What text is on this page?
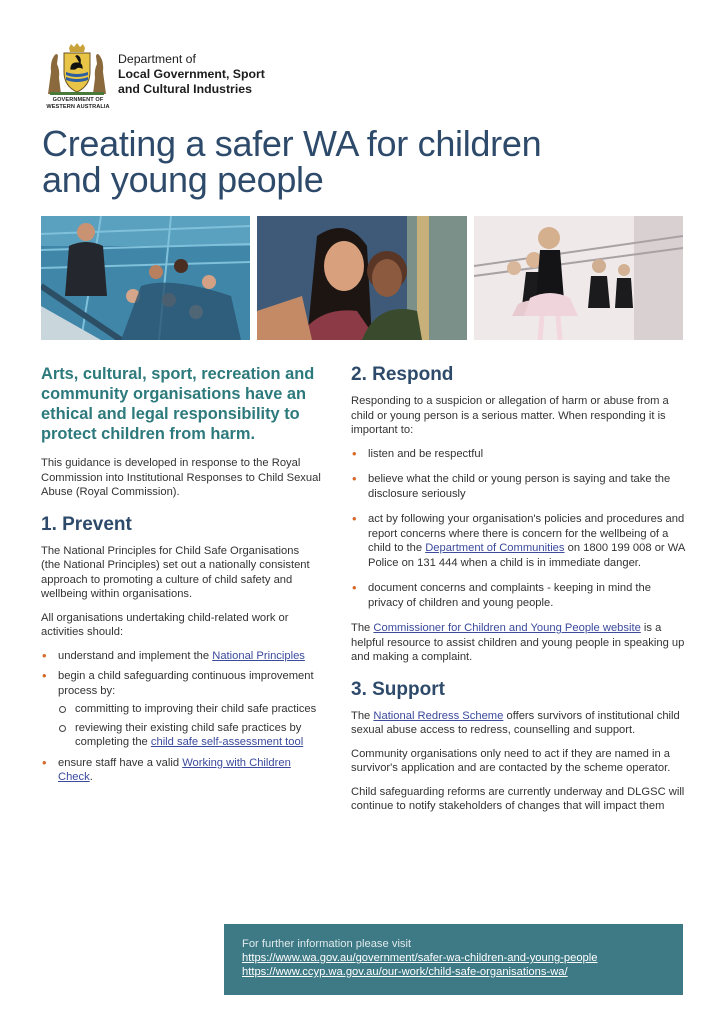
GOVERNMENT OF
WESTERN AUSTRALIA
Department of
Local Government, Sport
and Cultural Industries
Creating a safer WA for children
and young people
Arts, cultural, sport, recreation and community organisations have an ethical and legal responsibility to protect children from harm.

This guidance is developed in response to the Royal Commission into Institutional Responses to Child Sexual Abuse (Royal Commission).

1. Prevent

The National Principles for Child Safe Organisations (the National Principles) set out a nationally consistent approach to promoting a culture of child safety and wellbeing within organisations.

All organisations undertaking child-related work or activities should:

• understand and implement the National Principles
• begin a child safeguarding continuous improvement process by:
committing to improving their child safe practices
reviewing their existing child safe practices by completing the child safe self-assessment tool
• ensure staff have a valid Working with Children Check.
2. Respond

Responding to a suspicion or allegation of harm or abuse from a child or young person is a serious matter. When responding it is important to:

• listen and be respectful
• believe what the child or young person is saying and take the disclosure seriously
• act by following your organisation's policies and procedures and report concerns where there is concern for the wellbeing of a child to the Department of Communities on 1800 199 008 or WA Police on 131 444 when a child is in immediate danger.
• document concerns and complaints - keeping in mind the privacy of children and young people.

The Commissioner for Children and Young People website is a helpful resource to assist children and young people in speaking up and making a complaint.

3. Support

The National Redress Scheme offers survivors of institutional child sexual abuse access to redress, counselling and support.

Community organisations only need to act if they are named in a survivor's application and are contacted by the scheme operator.

Child safeguarding reforms are currently underway and DLGSC will continue to notify stakeholders of changes that will impact them

For further information please visit
https://www.wa.gov.au/government/safer-wa-children-and-young-people
https://www.ccyp.wa.gov.au/our-work/child-safe-organisations-wa/
